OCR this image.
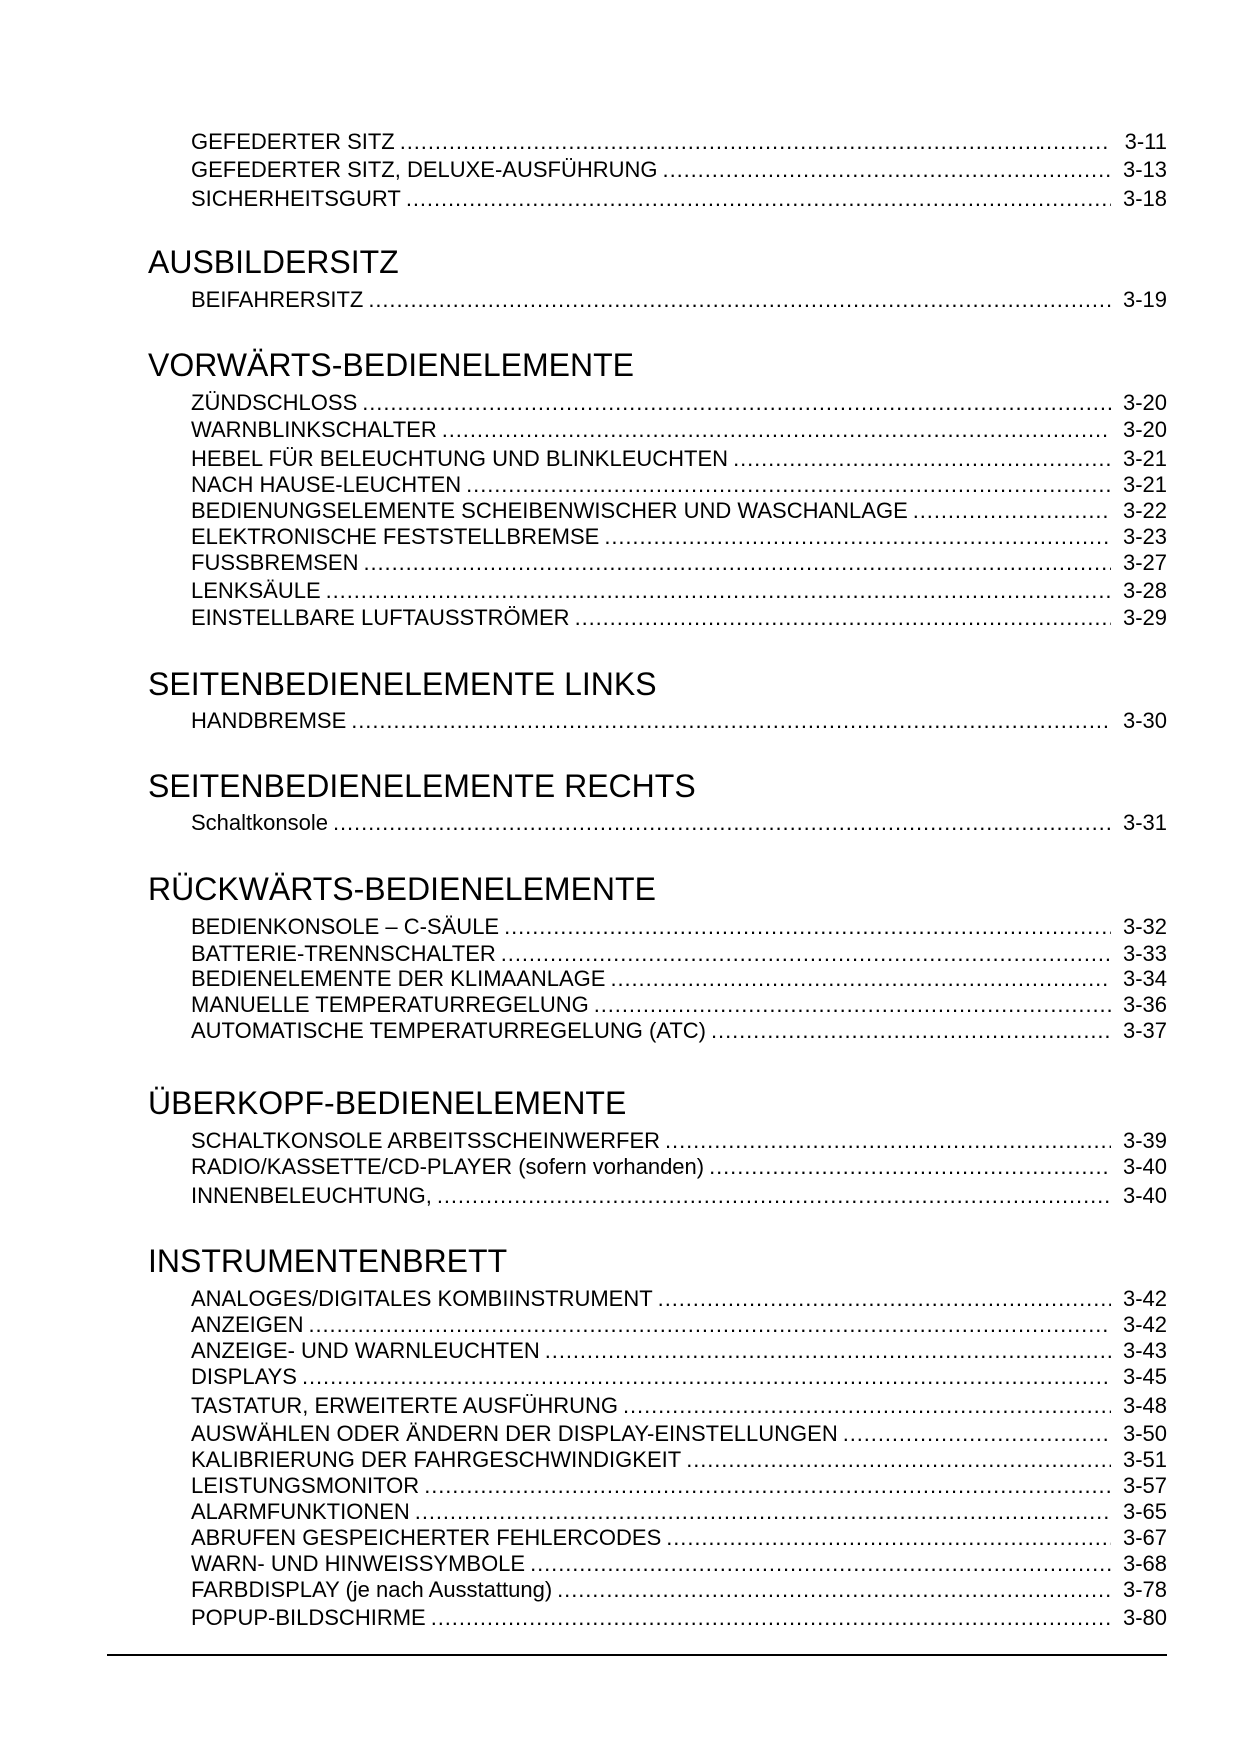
GEFEDERTER SITZ . . .	3-11
GEFEDERTER SITZ, DELUXE-AUSFÜHRUNG . . .	3-13
SICHERHEITSGURT . . .	3-18
AUSBILDERSITZ
BEIFAHRERSITZ . . .	3-19
VORWÄRTS-BEDIENELEMENTE
ZÜNDSCHLOSS . . .	3-20
WARNBLINKSCHALTER . . .	3-20
HEBEL FÜR BELEUCHTUNG UND BLINKLEUCHTEN . . .	3-21
NACH HAUSE-LEUCHTEN . . .	3-21
BEDIENUNGSELEMENTE SCHEIBENWISCHER UND WASCHANLAGE . . .	3-22
ELEKTRONISCHE FESTSTELLBREMSE . . .	3-23
FUSSBREMSEN . . .	3-27
LENKSÄULE . . .	3-28
EINSTELLBARE LUFTAUSSTRÖMER . . .	3-29
SEITENBEDIENELEMENTE LINKS
HANDBREMSE . . .	3-30
SEITENBEDIENELEMENTE RECHTS
Schaltkonsole . . .	3-31
RÜCKWÄRTS-BEDIENELEMENTE
BEDIENKONSOLE – C-SÄULE . . .	3-32
BATTERIE-TRENNSCHALTER . . .	3-33
BEDIENELEMENTE DER KLIMAANLAGE . . .	3-34
MANUELLE TEMPERATURREGELUNG . . .	3-36
AUTOMATISCHE TEMPERATURREGELUNG (ATC) . . .	3-37
ÜBERKOPF-BEDIENELEMENTE
SCHALTKONSOLE ARBEITSSCHEINWERFER . . .	3-39
RADIO/KASSETTE/CD-PLAYER (sofern vorhanden) . . .	3-40
INNENBELEUCHTUNG, . . .	3-40
INSTRUMENTENBRETT
ANALOGES/DIGITALES KOMBIINSTRUMENT . . .	3-42
ANZEIGEN . . .	3-42
ANZEIGE- UND WARNLEUCHTEN . . .	3-43
DISPLAYS . . .	3-45
TASTATUR, ERWEITERTE AUSFÜHRUNG . . .	3-48
AUSWÄHLEN ODER ÄNDERN DER DISPLAY-EINSTELLUNGEN . . .	3-50
KALIBRIERUNG DER FAHRGESCHWINDIGKEIT . . .	3-51
LEISTUNGSMONITOR . . .	3-57
ALARMFUNKTIONEN . . .	3-65
ABRUFEN GESPEICHERTER FEHLERCODES . . .	3-67
WARN- UND HINWEISSYMBOLE . . .	3-68
FARBDISPLAY (je nach Ausstattung) . . .	3-78
POPUP-BILDSCHIRME . . .	3-80
